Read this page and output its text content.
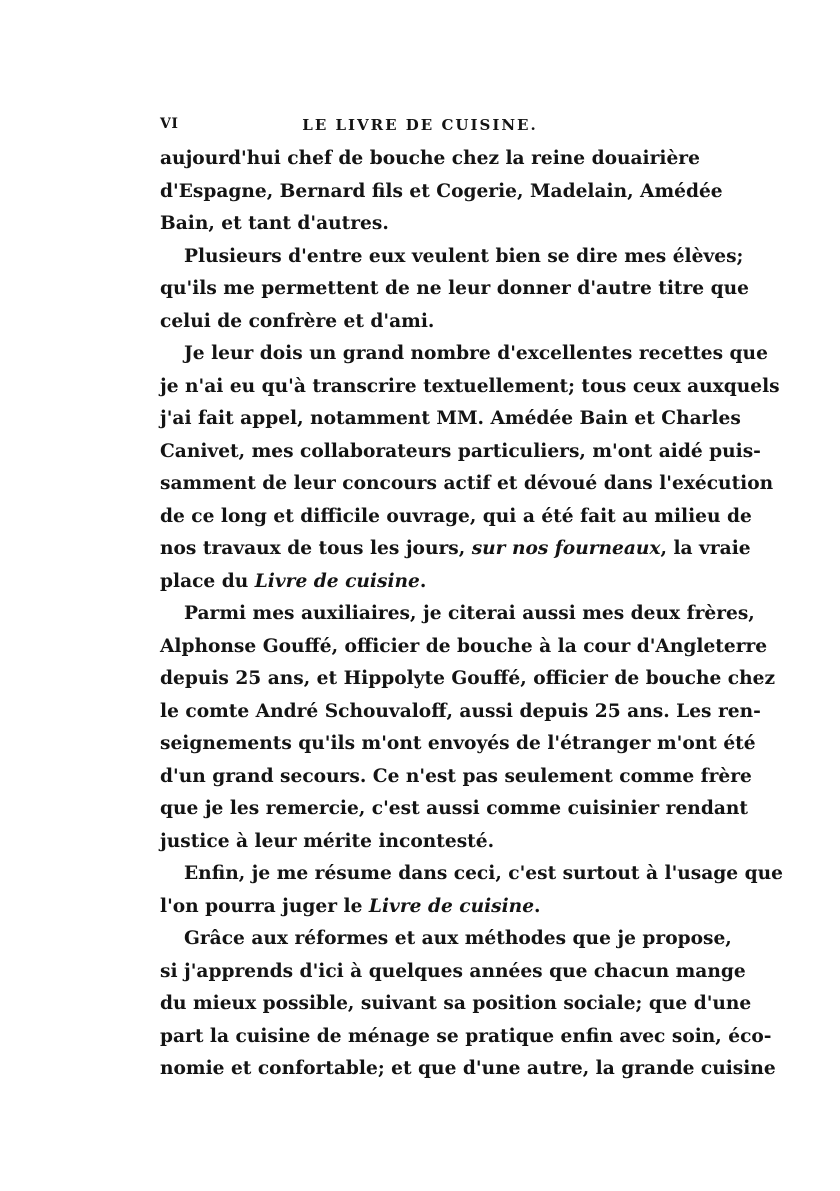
VI	LE LIVRE DE CUISINE.
aujourd'hui chef de bouche chez la reine douairière
d'Espagne, Bernard fils et Cogerie, Madelain, Amédée
Bain, et tant d'autres.
Plusieurs d'entre eux veulent bien se dire mes élèves;
qu'ils me permettent de ne leur donner d'autre titre que
celui de confrère et d'ami.
Je leur dois un grand nombre d'excellentes recettes que
je n'ai eu qu'à transcrire textuellement; tous ceux auxquels
j'ai fait appel, notamment MM. Amédée Bain et Charles
Canivet, mes collaborateurs particuliers, m'ont aidé puis-
samment de leur concours actif et dévoué dans l'exécution
de ce long et difficile ouvrage, qui a été fait au milieu de
nos travaux de tous les jours, sur nos fourneaux, la vraie
place du Livre de cuisine.
Parmi mes auxiliaires, je citerai aussi mes deux frères,
Alphonse Gouffé, officier de bouche à la cour d'Angleterre
depuis 25 ans, et Hippolyte Gouffé, officier de bouche chez
le comte André Schouvaloff, aussi depuis 25 ans. Les ren-
seignements qu'ils m'ont envoyés de l'étranger m'ont été
d'un grand secours. Ce n'est pas seulement comme frère
que je les remercie, c'est aussi comme cuisinier rendant
justice à leur mérite incontesté.
Enfin, je me résume dans ceci, c'est surtout à l'usage que
l'on pourra juger le Livre de cuisine.
Grâce aux réformes et aux méthodes que je propose,
si j'apprends d'ici à quelques années que chacun mange
du mieux possible, suivant sa position sociale; que d'une
part la cuisine de ménage se pratique enfin avec soin, éco-
nomie et confortable; et que d'une autre, la grande cuisine
